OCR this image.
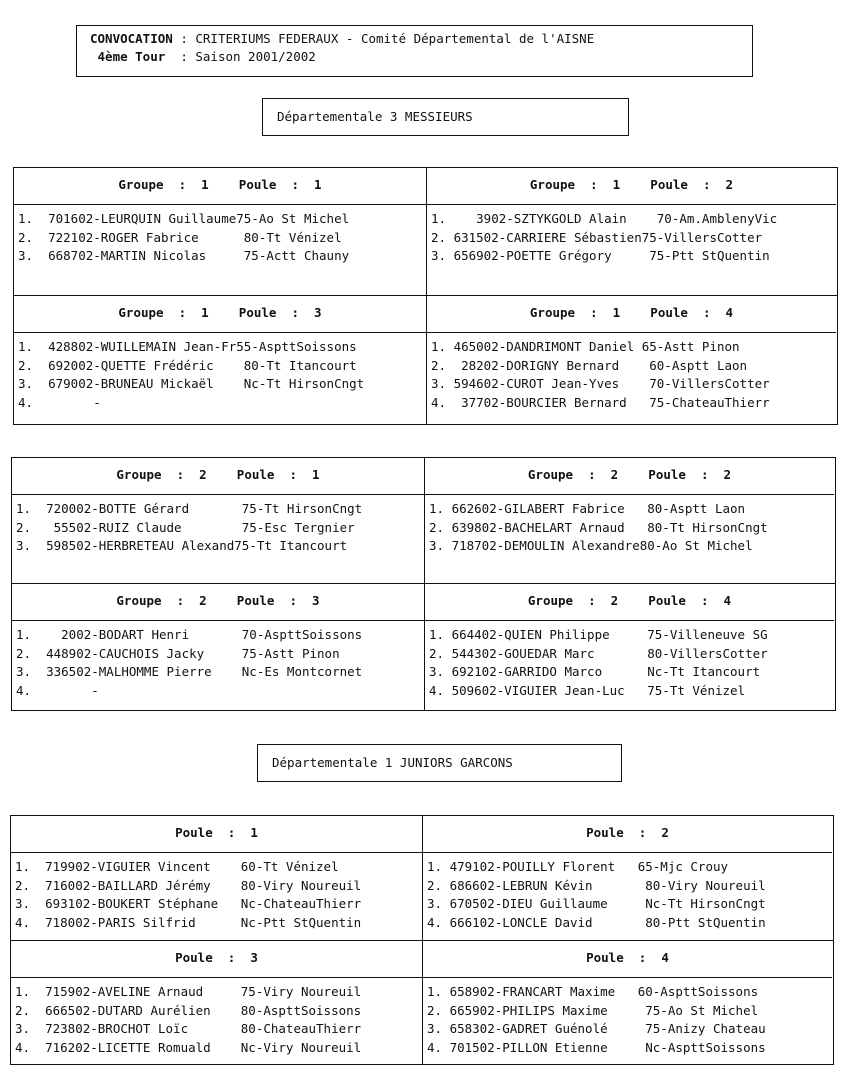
CONVOCATION : CRITERIUMS FEDERAUX - Comité Départemental de l'AISNE
4ème Tour  : Saison 2001/2002
Départementale 3 MESSIEURS
Groupe  :  1    Poule  :  1
1.  701602-LEURQUIN Guillaume75-Ao St Michel
2.  722102-ROGER Fabrice      80-Tt Vénizel
3.  668702-MARTIN Nicolas     75-Actt Chauny
Groupe  :  1    Poule  :  2
1.    3902-SZTYKGOLD Alain    70-Am.AmblenyVic
2. 631502-CARRIERE Sébastien75-VillersCotter
3. 656902-POETTE Grégory     75-Ptt StQuentin
Groupe  :  1    Poule  :  3
1.  428802-WUILLEMAIN Jean-Fr55-AspttSoissons
2.  692002-QUETTE Frédéric    80-Tt Itancourt
3.  679002-BRUNEAU Mickaël    Nc-Tt HirsonCngt
4.        -
Groupe  :  1    Poule  :  4
1. 465002-DANDRIMONT Daniel 65-Astt Pinon
2.  28202-DORIGNY Bernard    60-Asptt Laon
3. 594602-CUROT Jean-Yves    70-VillersCotter
4.  37702-BOURCIER Bernard   75-ChateauThierr
Groupe  :  2    Poule  :  1
1.  720002-BOTTE Gérard       75-Tt HirsonCngt
2.   55502-RUIZ Claude        75-Esc Tergnier
3.  598502-HERBRETEAU Alexand75-Tt Itancourt
Groupe  :  2    Poule  :  2
1. 662602-GILABERT Fabrice   80-Asptt Laon
2. 639802-BACHELART Arnaud   80-Tt HirsonCngt
3. 718702-DEMOULIN Alexandre80-Ao St Michel
Groupe  :  2    Poule  :  3
1.    2002-BODART Henri       70-AspttSoissons
2.  448902-CAUCHOIS Jacky     75-Astt Pinon
3.  336502-MALHOMME Pierre    Nc-Es Montcornet
4.        -
Groupe  :  2    Poule  :  4
1. 664402-QUIEN Philippe     75-Villeneuve SG
2. 544302-GOUEDAR Marc       80-VillersCotter
3. 692102-GARRIDO Marco      Nc-Tt Itancourt
4. 509602-VIGUIER Jean-Luc   75-Tt Vénizel
Départementale 1 JUNIORS GARCONS
Poule  :  1
1.  719902-VIGUIER Vincent    60-Tt Vénizel
2.  716002-BAILLARD Jérémy    80-Viry Noureuil
3.  693102-BOUKERT Stéphane   Nc-ChateauThierr
4.  718002-PARIS Silfrid      Nc-Ptt StQuentin
Poule  :  2
1. 479102-POUILLY Florent   65-Mjc Crouy
2. 686602-LEBRUN Kévin       80-Viry Noureuil
3. 670502-DIEU Guillaume     Nc-Tt HirsonCngt
4. 666102-LONCLE David       80-Ptt StQuentin
Poule  :  3
1.  715902-AVELINE Arnaud     75-Viry Noureuil
2.  666502-DUTARD Aurélien    80-AspttSoissons
3.  723802-BROCHOT Loïc       80-ChateauThierr
4.  716202-LICETTE Romuald    Nc-Viry Noureuil
Poule  :  4
1. 658902-FRANCART Maxime   60-AspttSoissons
2. 665902-PHILIPS Maxime     75-Ao St Michel
3. 658302-GADRET Guénolé     75-Anizy Chateau
4. 701502-PILLON Etienne     Nc-AspttSoissons
